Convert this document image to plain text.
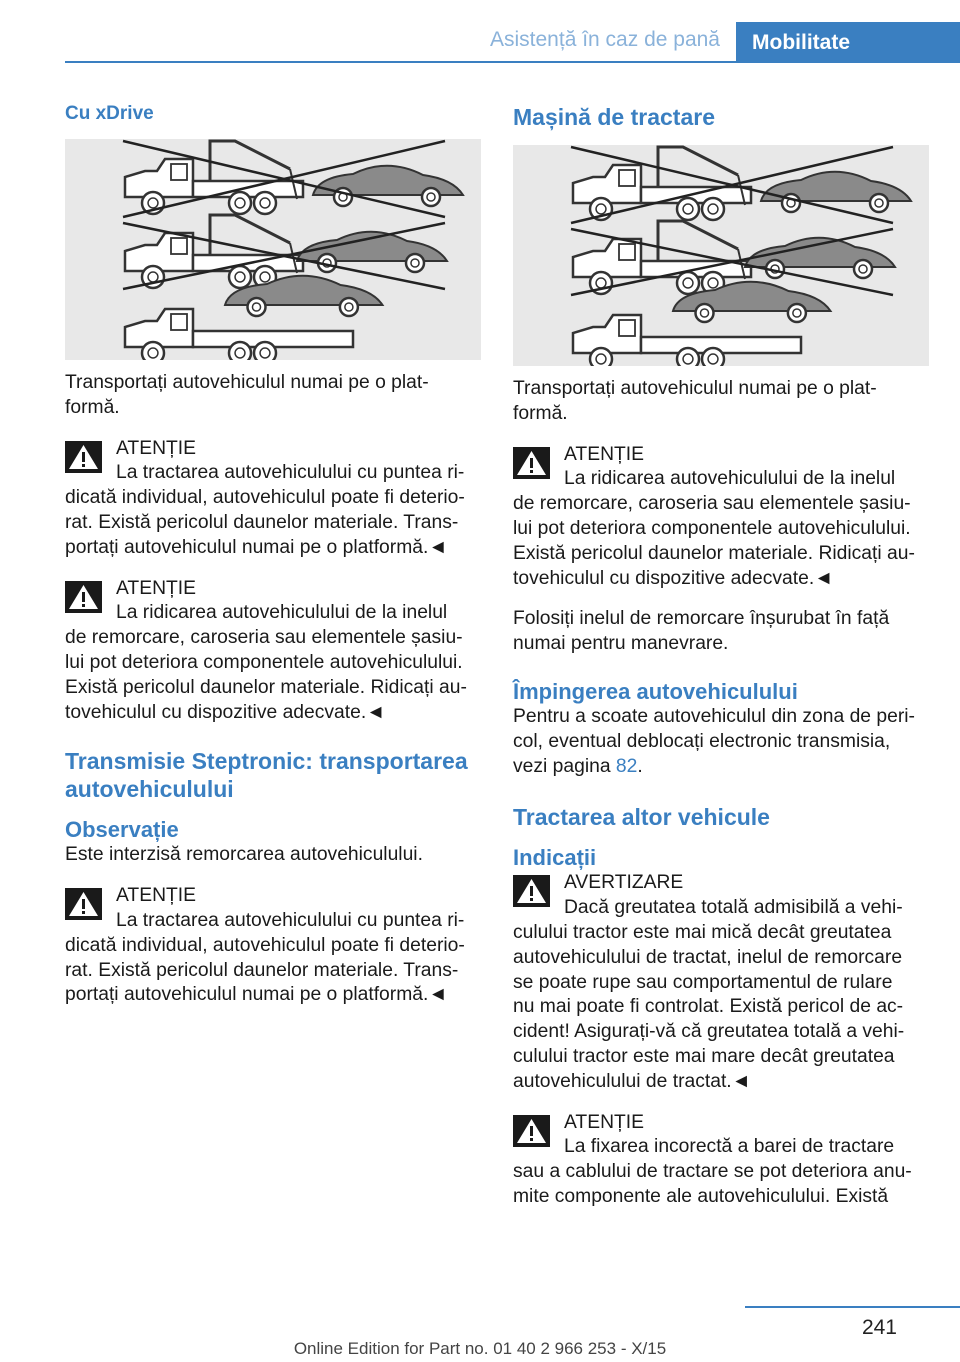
Asistență în caz de pană	Mobilitate
Cu xDrive

Transportați autovehiculul numai pe o plat-
formă.

ATENȚIE
La tractarea autovehiculului cu puntea ri-
dicată individual, autovehiculul poate fi deterio-
rat. Există pericolul daunelor materiale. Trans-
portați autovehiculul numai pe o platformă.◄
ATENȚIE
La ridicarea autovehiculului de la inelul
de remorcare, caroseria sau elementele șasiu-
lui pot deteriora componentele autovehiculului.
Există pericolul daunelor materiale. Ridicați au-
tovehiculul cu dispozitive adecvate.◄
Transmisie Steptronic: transportarea autovehiculului
Observație

Este interzisă remorcarea autovehiculului.

ATENȚIE
La tractarea autovehiculului cu puntea ri-
dicată individual, autovehiculul poate fi deterio-
rat. Există pericolul daunelor materiale. Trans-
portați autovehiculul numai pe o platformă.◄
Mașină de tractare

Transportați autovehiculul numai pe o plat-
formă.

ATENȚIE
La ridicarea autovehiculului de la inelul
de remorcare, caroseria sau elementele șasiu-
lui pot deteriora componentele autovehiculului.
Există pericolul daunelor materiale. Ridicați au-
tovehiculul cu dispozitive adecvate.◄

Folosiți inelul de remorcare înșurubat în față
numai pentru manevrare.

Împingerea autovehiculului

Pentru a scoate autovehiculul din zona de peri-
col, eventual deblocați electronic transmisia,
vezi pagina 82.

Tractarea altor vehicule
Indicații
AVERTIZARE
Dacă greutatea totală admisibilă a vehi-
culului tractor este mai mică decât greutatea
autovehiculului de tractat, inelul de remorcare
se poate rupe sau comportamentul de rulare
nu mai poate fi controlat. Există pericol de ac-
cident! Asigurați-vă că greutatea totală a vehi-
culului tractor este mai mare decât greutatea
autovehiculului de tractat.◄
ATENȚIE
La fixarea incorectă a barei de tractare
sau a cablului de tractare se pot deteriora anu-
mite componente ale autovehiculului. Există
241
Online Edition for Part no. 01 40 2 966 253 - X/15
